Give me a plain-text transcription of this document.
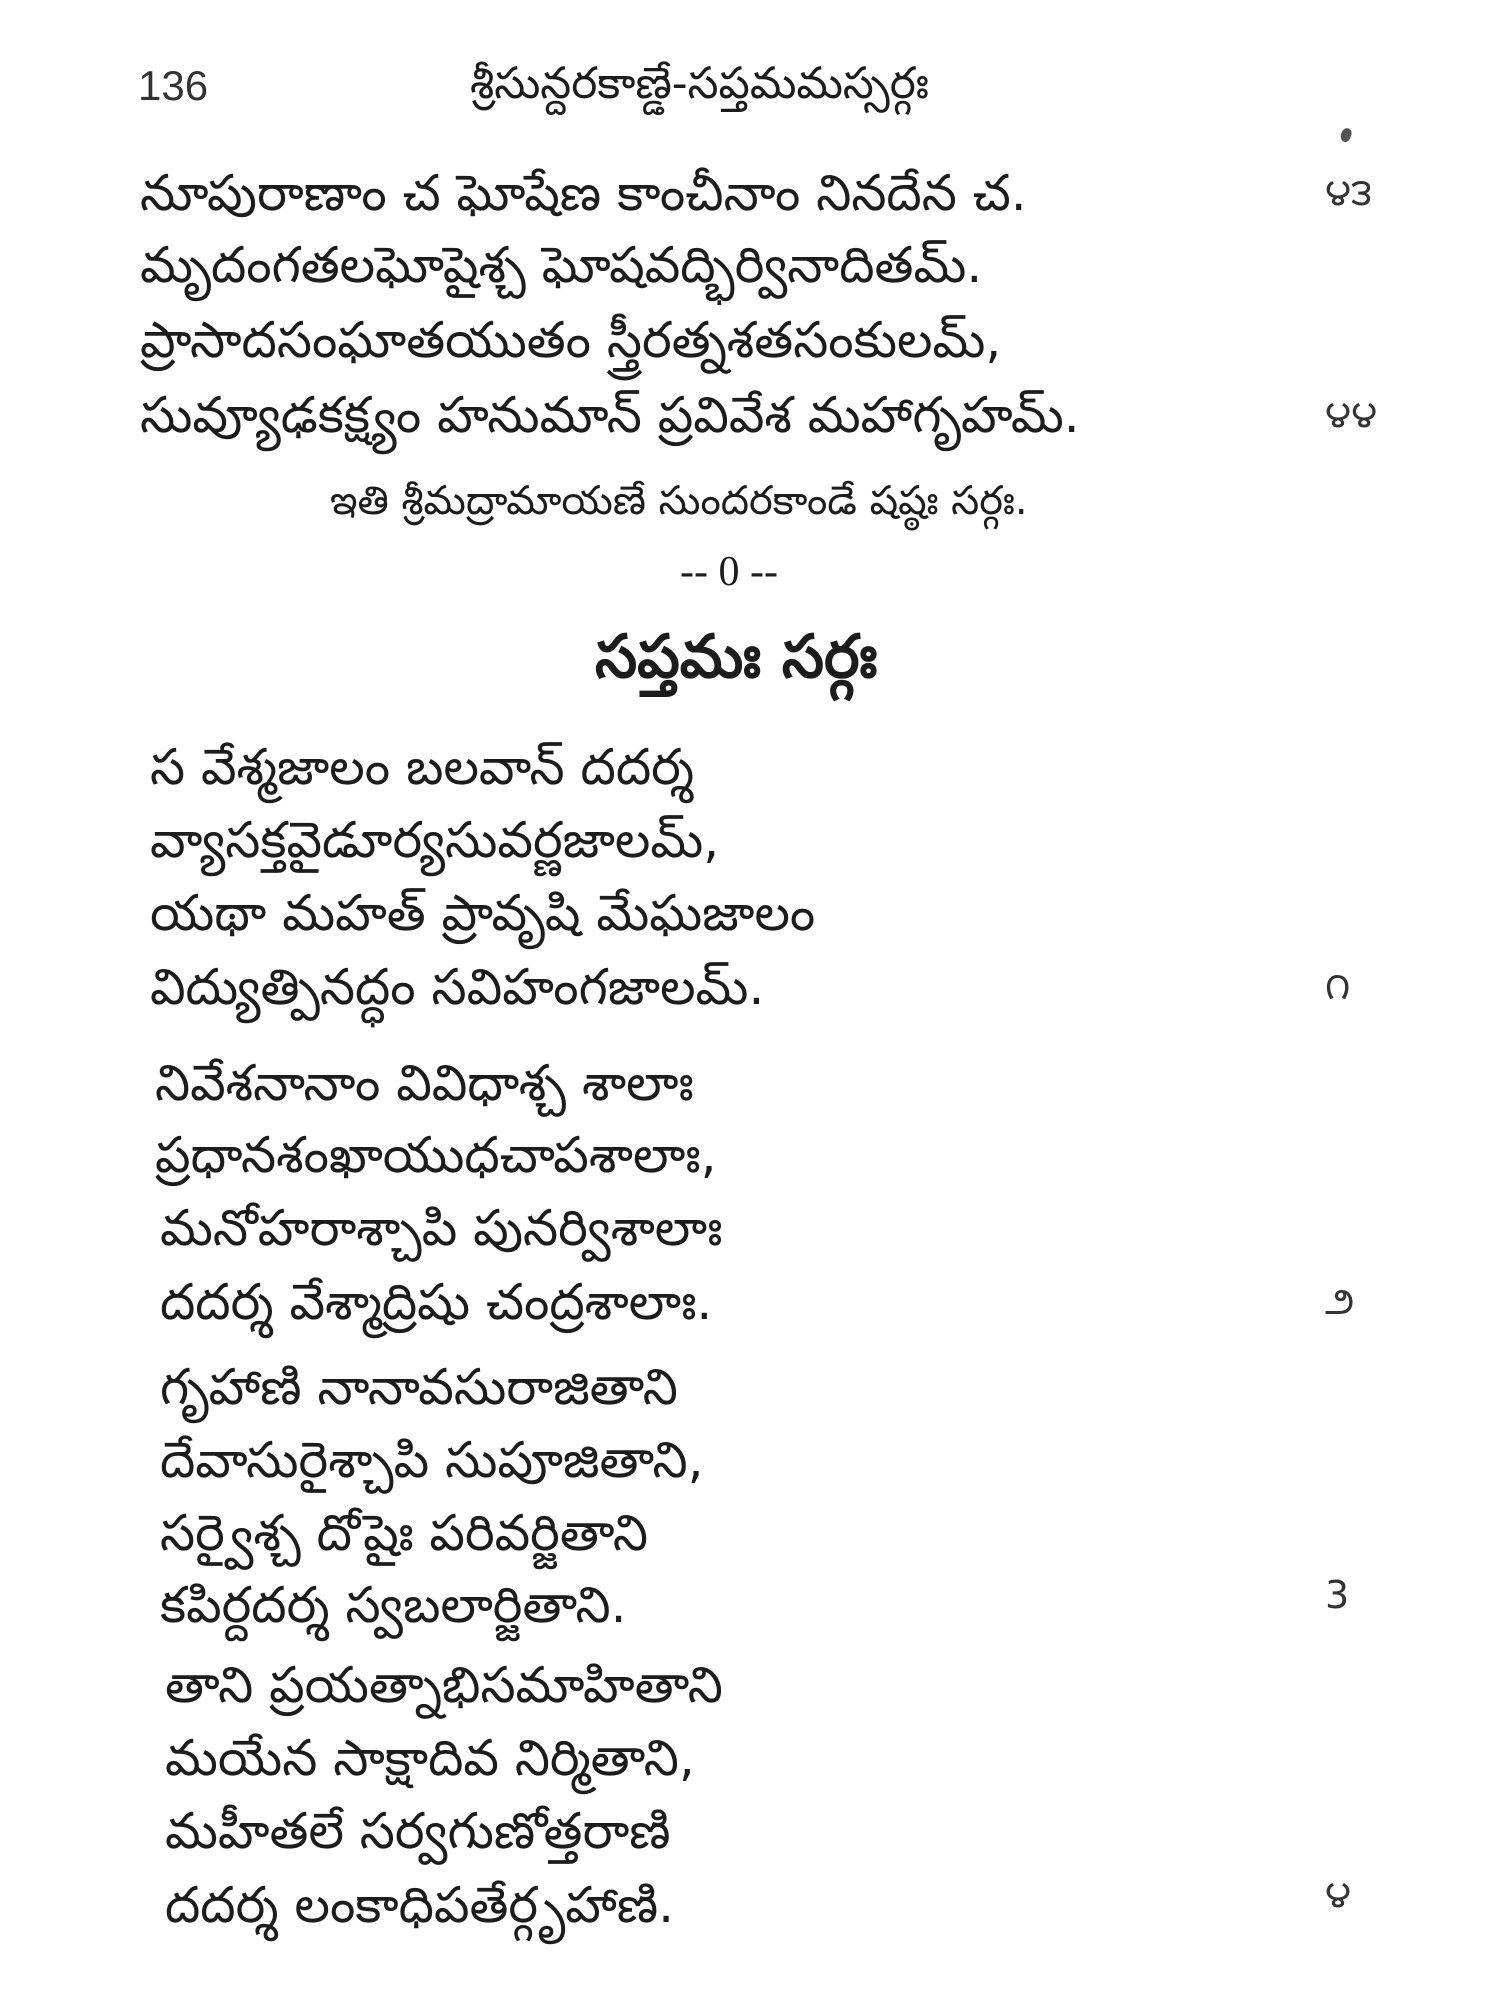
136	శ్రీసున్దరకాణ్డే-సప్తమమస్సర్గః
నూపురాణాం చ ఘోషేణ కాంచీనాం నినదేన చ.	౪౩
మృదంగతలఘోషైశ్చ ఘోషవద్భిర్వినాదితమ్.
ప్రాసాదసంఘాతయుతం స్త్రీరత్నశతసంకులమ్,
సువ్యూఢకక్ష్యం హనుమాన్ ప్రవివేశ మహాగృహమ్.	౪౪
ఇతి శ్రీమద్రామాయణే సుందరకాండే షష్ఠః సర్గః.
-- 0 --
సప్తమః సర్గః
స వేశ్మజాలం బలవాన్ దదర్శ
వ్యాసక్తవైడూర్యసువర్ణజాలమ్,
యథా మహత్ ప్రావృషి మేఘజాలం
విద్యుత్పినద్ధం సవిహంగజాలమ్.	౧
నివేశనానాం వివిధాశ్చ శాలాః
ప్రధానశంఖాయుధచాపశాలాః,
మనోహరాశ్చాపి పునర్విశాలాః
దదర్శ వేశ్మాద్రిషు చంద్రశాలాః.	౨
గృహాణి నానావసురాజితాని
దేవాసురైశ్చాపి సుపూజితాని,
సర్వైశ్చ దోషైః పరివర్జితాని
కపిర్దదర్శ స్వబలార్జితాని.	3
తాని ప్రయత్నాభిసమాహితాని
మయేన సాక్షాదివ నిర్మితాని,
మహీతలే సర్వగుణోత్తరాణి
దదర్శ లంకాధిపతేర్గృహాణి.	౪
